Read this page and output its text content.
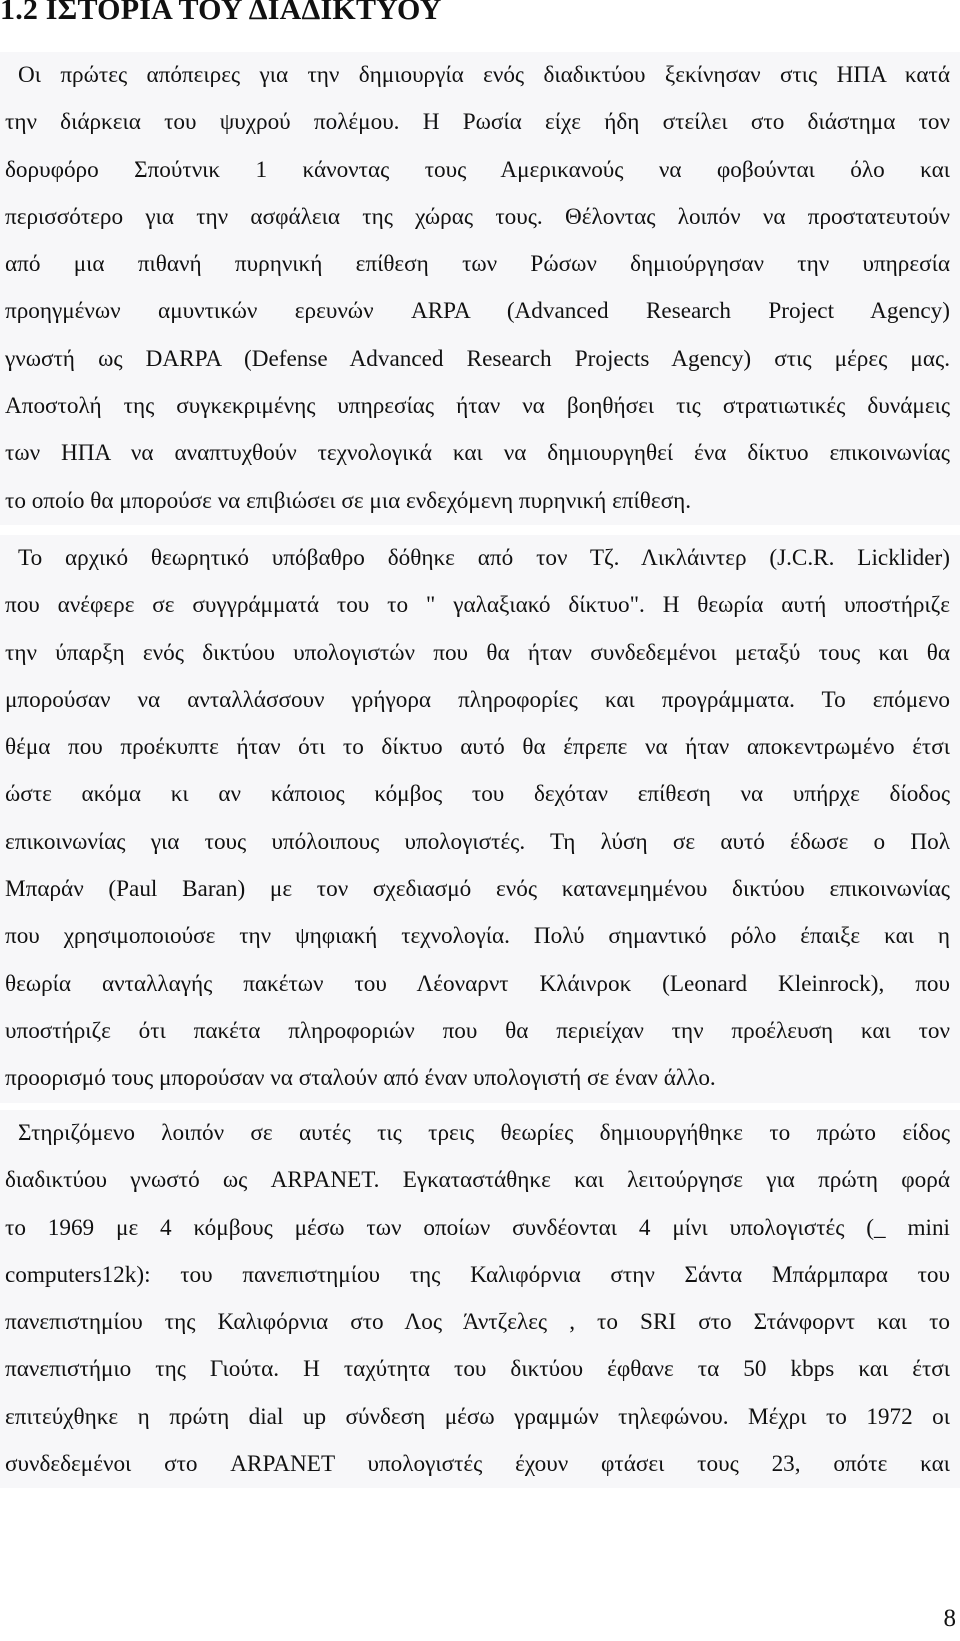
1.2 ΙΣΤΟΡΙΑ ΤΟΥ ΔΙΑΔΙΚΤΥΟΥ
Οι πρώτες απόπειρες για την δημιουργία ενός διαδικτύου ξεκίνησαν στις ΗΠΑ κατά
την διάρκεια του ψυχρού πολέμου. Η Ρωσία είχε ήδη στείλει στο διάστημα τον
δορυφόρο Σπούτνικ 1 κάνοντας τους Αμερικανούς να φοβούνται όλο και
περισσότερο για την ασφάλεια της χώρας τους. Θέλοντας λοιπόν να προστατευτούν
από μια πιθανή πυρηνική επίθεση των Ρώσων δημιούργησαν την υπηρεσία
προηγμένων αμυντικών ερευνών ARPA (Advanced Research Project Agency)
γνωστή ως DARPA (Defense Advanced Research Projects Agency) στις μέρες μας.
Αποστολή της συγκεκριμένης υπηρεσίας ήταν να βοηθήσει τις στρατιωτικές δυνάμεις
των ΗΠΑ να αναπτυχθούν τεχνολογικά και να δημιουργηθεί ένα δίκτυο επικοινωνίας
το οποίο θα μπορούσε να επιβιώσει σε μια ενδεχόμενη πυρηνική επίθεση.
Το αρχικό θεωρητικό υπόβαθρο δόθηκε από τον Τζ. Λικλάιντερ (J.C.R. Licklider)
που ανέφερε σε συγγράμματά του το " γαλαξιακό δίκτυο". Η θεωρία αυτή υποστήριζε
την ύπαρξη ενός δικτύου υπολογιστών που θα ήταν συνδεδεμένοι μεταξύ τους και θα
μπορούσαν να ανταλλάσσουν γρήγορα πληροφορίες και προγράμματα. Το επόμενο
θέμα που προέκυπτε ήταν ότι το δίκτυο αυτό θα έπρεπε να ήταν αποκεντρωμένο έτσι
ώστε ακόμα κι αν κάποιος κόμβος του δεχόταν επίθεση να υπήρχε δίοδος
επικοινωνίας για τους υπόλοιπους υπολογιστές. Τη λύση σε αυτό έδωσε ο Πολ
Μπαράν (Paul Baran) με τον σχεδιασμό ενός κατανεμημένου δικτύου επικοινωνίας
που χρησιμοποιούσε την ψηφιακή τεχνολογία. Πολύ σημαντικό ρόλο έπαιξε και η
θεωρία ανταλλαγής πακέτων του Λέοναρντ Κλάινροκ (Leonard Kleinrock), που
υποστήριζε ότι πακέτα πληροφοριών που θα περιείχαν την προέλευση και τον
προορισμό τους μπορούσαν να σταλούν από έναν υπολογιστή σε έναν άλλο.
Στηριζόμενο λοιπόν σε αυτές τις τρεις θεωρίες δημιουργήθηκε το πρώτο είδος
διαδικτύου γνωστό ως ARPANET. Εγκαταστάθηκε και λειτούργησε για πρώτη φορά
το 1969 με 4 κόμβους μέσω των οποίων συνδέονται 4 μίνι υπολογιστές (_ mini
computers12k): του πανεπιστημίου της Καλιφόρνια στην Σάντα Μπάρμπαρα του
πανεπιστημίου της Καλιφόρνια στο Λος Άντζελες , το SRI στο Στάνφορντ και το
πανεπιστήμιο της Γιούτα. Η ταχύτητα του δικτύου έφθανε τα 50 kbps και έτσι
επιτεύχθηκε η πρώτη dial up σύνδεση μέσω γραμμών τηλεφώνου. Μέχρι το 1972 οι
συνδεδεμένοι στο ARPANET υπολογιστές έχουν φτάσει τους 23, οπότε και
8
